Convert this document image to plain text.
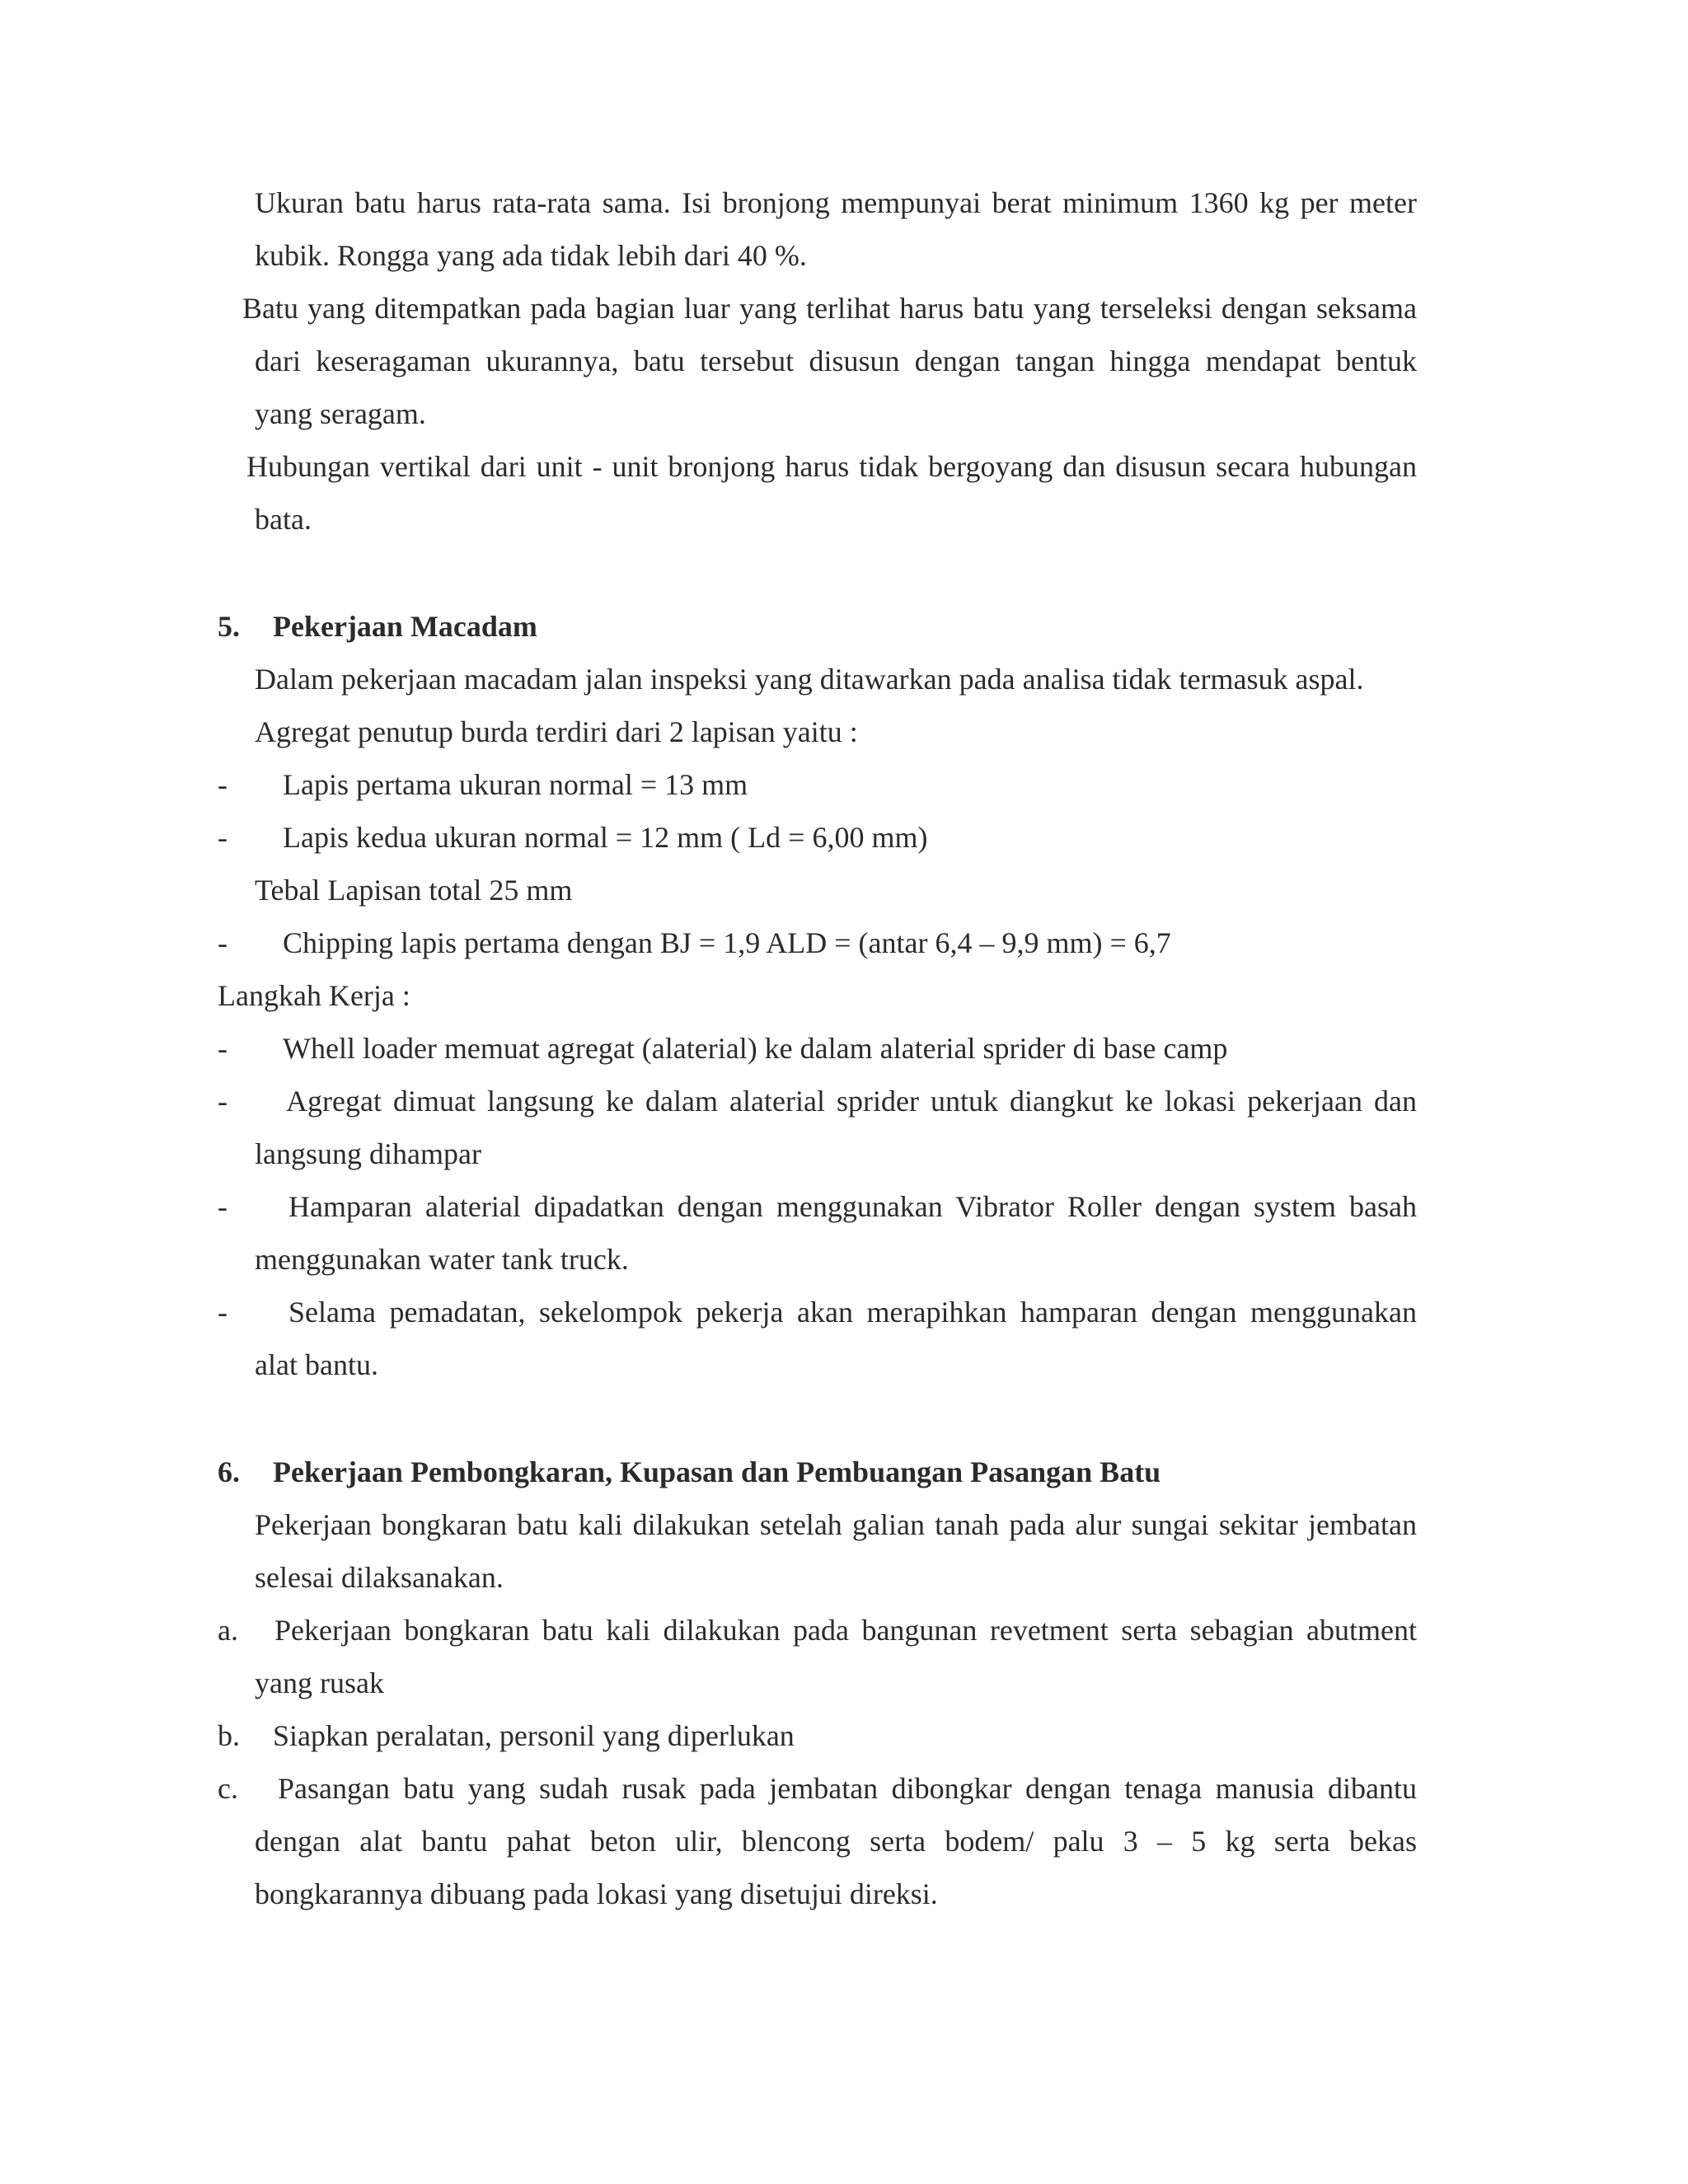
Ukuran batu harus rata-rata sama. Isi bronjong mempunyai berat minimum 1360 kg per meter
kubik. Rongga yang ada tidak lebih dari 40 %.
Batu yang ditempatkan pada bagian luar yang terlihat harus batu yang terseleksi dengan seksama
dari keseragaman ukurannya, batu tersebut disusun dengan tangan hingga mendapat bentuk
yang seragam.
Hubungan vertikal dari unit - unit bronjong harus tidak bergoyang dan disusun secara hubungan
bata.
5. Pekerjaan Macadam
Dalam pekerjaan macadam jalan inspeksi yang ditawarkan pada analisa tidak termasuk aspal.
Agregat penutup burda terdiri dari 2 lapisan yaitu :
- Lapis pertama ukuran normal = 13 mm
- Lapis kedua ukuran normal = 12 mm ( Ld = 6,00 mm)
Tebal Lapisan total 25 mm
- Chipping lapis pertama dengan BJ = 1,9 ALD = (antar 6,4 – 9,9 mm) = 6,7
Langkah Kerja :
- Whell loader memuat agregat (alaterial) ke dalam alaterial sprider di base camp
- Agregat dimuat langsung ke dalam alaterial sprider untuk diangkut ke lokasi pekerjaan dan
langsung dihampar
- Hamparan alaterial dipadatkan dengan menggunakan Vibrator Roller dengan system basah
menggunakan water tank truck.
- Selama pemadatan, sekelompok pekerja akan merapihkan hamparan dengan menggunakan
alat bantu.
6. Pekerjaan Pembongkaran, Kupasan dan Pembuangan Pasangan Batu
Pekerjaan bongkaran batu kali dilakukan setelah galian tanah pada alur sungai sekitar jembatan
selesai dilaksanakan.
a. Pekerjaan bongkaran batu kali dilakukan pada bangunan revetment serta sebagian abutment
yang rusak
b. Siapkan peralatan, personil yang diperlukan
c. Pasangan batu yang sudah rusak pada jembatan dibongkar dengan tenaga manusia dibantu
dengan alat bantu pahat beton ulir, blencong serta bodem/ palu 3 – 5 kg serta bekas
bongkarannya dibuang pada lokasi yang disetujui direksi.
